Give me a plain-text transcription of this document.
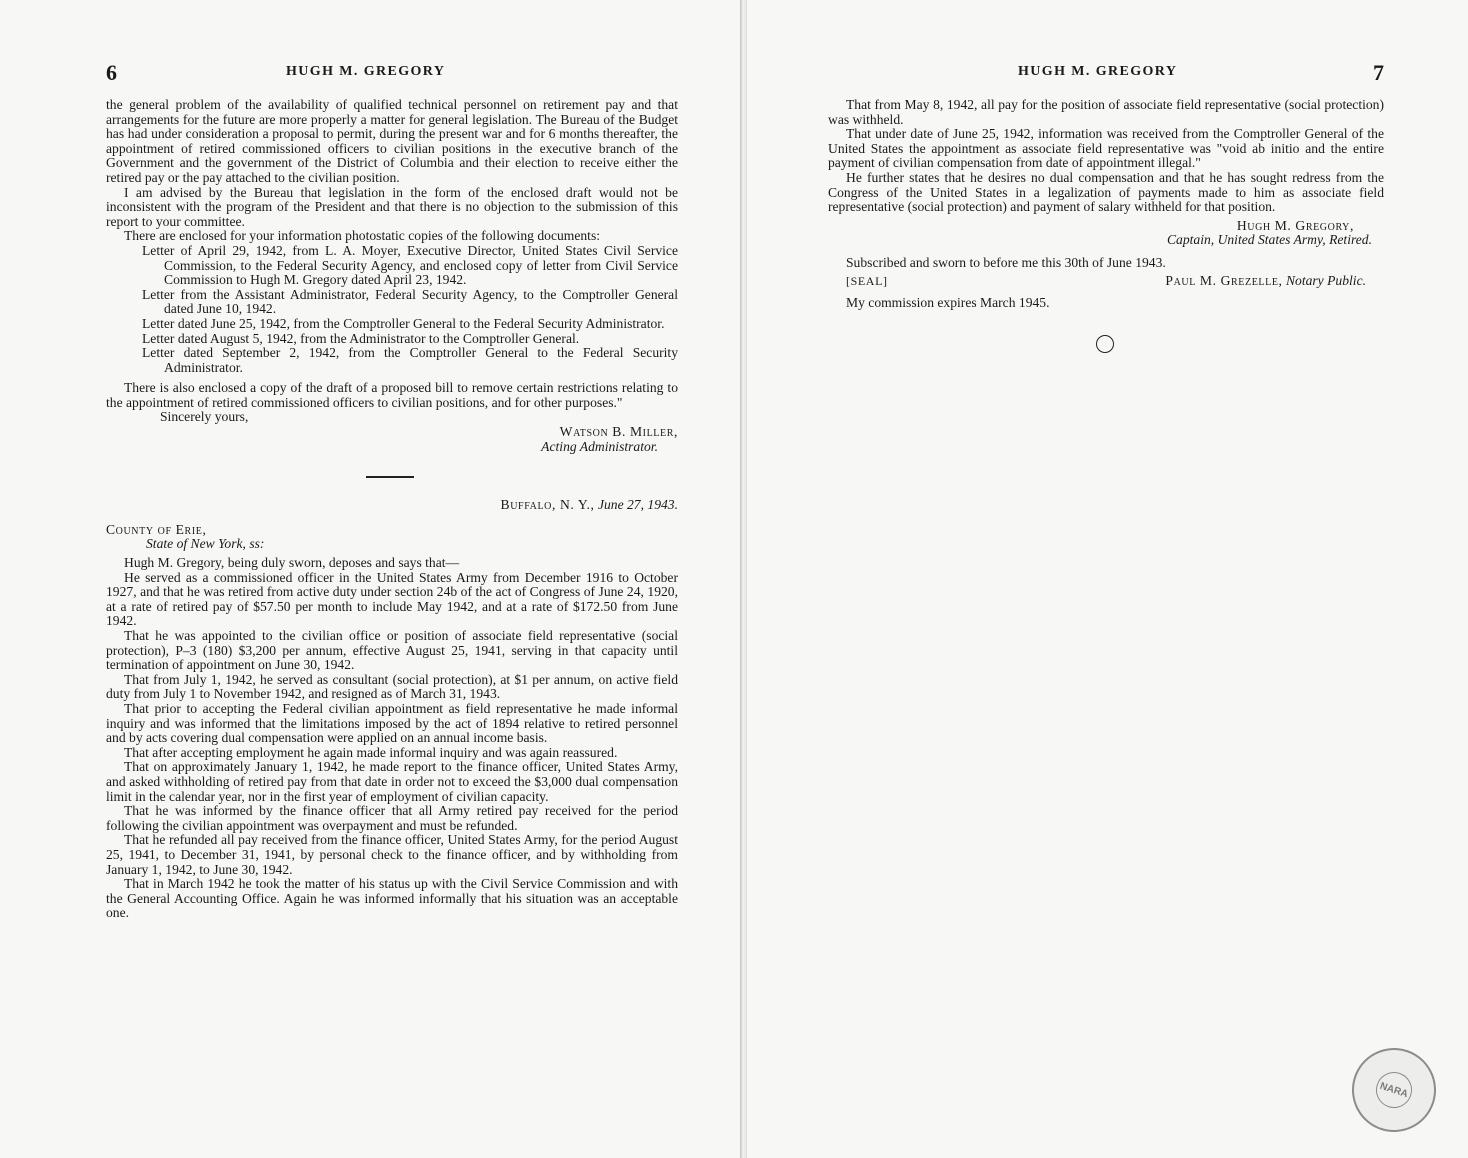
6	HUGH M. GREGORY

the general problem of the availability of qualified technical personnel on retirement pay and that arrangements for the future are more properly a matter for general legislation. The Bureau of the Budget has had under consideration a proposal to permit, during the present war and for 6 months thereafter, the appointment of retired commissioned officers to civilian positions in the executive branch of the Government and the government of the District of Columbia and their election to receive either the retired pay or the pay attached to the civilian position.

I am advised by the Bureau that legislation in the form of the enclosed draft would not be inconsistent with the program of the President and that there is no objection to the submission of this report to your committee.

There are enclosed for your information photostatic copies of the following documents:

Letter of April 29, 1942, from L. A. Moyer, Executive Director, United States Civil Service Commission, to the Federal Security Agency, and enclosed copy of letter from Civil Service Commission to Hugh M. Gregory dated April 23, 1942.
Letter from the Assistant Administrator, Federal Security Agency, to the Comptroller General dated June 10, 1942.
Letter dated June 25, 1942, from the Comptroller General to the Federal Security Administrator.
Letter dated August 5, 1942, from the Administrator to the Comptroller General.
Letter dated September 2, 1942, from the Comptroller General to the Federal Security Administrator.

There is also enclosed a copy of the draft of a proposed bill to remove certain restrictions relating to the appointment of retired commissioned officers to civilian positions, and for other purposes."

Sincerely yours,

Watson B. Miller,
Acting Administrator.
Buffalo, N. Y., June 27, 1943.

County of Erie,

State of New York, ss:

Hugh M. Gregory, being duly sworn, deposes and says that—

He served as a commissioned officer in the United States Army from December 1916 to October 1927, and that he was retired from active duty under section 24b of the act of Congress of June 24, 1920, at a rate of retired pay of $57.50 per month to include May 1942, and at a rate of $172.50 from June 1942.

That he was appointed to the civilian office or position of associate field representative (social protection), P–3 (180) $3,200 per annum, effective August 25, 1941, serving in that capacity until termination of appointment on June 30, 1942.

That from July 1, 1942, he served as consultant (social protection), at $1 per annum, on active field duty from July 1 to November 1942, and resigned as of March 31, 1943.

That prior to accepting the Federal civilian appointment as field representative he made informal inquiry and was informed that the limitations imposed by the act of 1894 relative to retired personnel and by acts covering dual compensation were applied on an annual income basis.

That after accepting employment he again made informal inquiry and was again reassured.

That on approximately January 1, 1942, he made report to the finance officer, United States Army, and asked withholding of retired pay from that date in order not to exceed the $3,000 dual compensation limit in the calendar year, nor in the first year of employment of civilian capacity.

That he was informed by the finance officer that all Army retired pay received for the period following the civilian appointment was overpayment and must be refunded.

That he refunded all pay received from the finance officer, United States Army, for the period August 25, 1941, to December 31, 1941, by personal check to the finance officer, and by withholding from January 1, 1942, to June 30, 1942.

That in March 1942 he took the matter of his status up with the Civil Service Commission and with the General Accounting Office. Again he was informed informally that his situation was an acceptable one.

HUGH M. GREGORY	7

That from May 8, 1942, all pay for the position of associate field representative (social protection) was withheld.

That under date of June 25, 1942, information was received from the Comptroller General of the United States the appointment as associate field representative was "void ab initio and the entire payment of civilian compensation from date of appointment illegal."

He further states that he desires no dual compensation and that he has sought redress from the Congress of the United States in a legalization of payments made to him as associate field representative (social protection) and payment of salary withheld for that position.

Hugh M. Gregory,
Captain, United States Army, Retired.

Subscribed and sworn to before me this 30th of June 1943.

[SEAL]	Paul M. Grezelle, Notary Public.

My commission expires March 1945.

NARA
